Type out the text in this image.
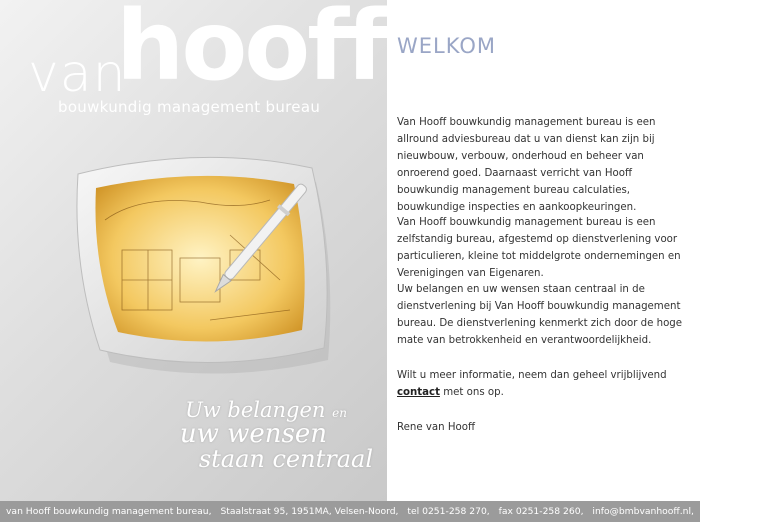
van
hooff
bouwkundig management bureau
Uw belangen en
uw wensen
staan centraal
WELKOM

Van Hooff bouwkundig management bureau is een allround adviesbureau dat u van dienst kan zijn bij nieuwbouw, verbouw, onderhoud en beheer van onroerend goed. Daarnaast verricht van Hooff bouwkundig management bureau calculaties, bouwkundige inspecties en aankoopkeuringen.

Van Hooff bouwkundig management bureau is een zelfstandig bureau, afgestemd op dienstverlening voor particulieren, kleine tot middelgrote ondernemingen en Verenigingen van Eigenaren.

Uw belangen en uw wensen staan centraal in de dienstverlening bij Van Hooff bouwkundig management bureau. De dienstverlening kenmerkt zich door de hoge mate van betrokkenheid en verantwoordelijkheid.

Wilt u meer informatie, neem dan geheel vrijblijvend
contact met ons op.

Rene van Hooff

van Hooff bouwkundig management bureau, Staalstraat 95, 1951MA, Velsen-Noord, tel 0251-258 270, fax 0251-258 260, info@bmbvanhooff.nl, webdesign
